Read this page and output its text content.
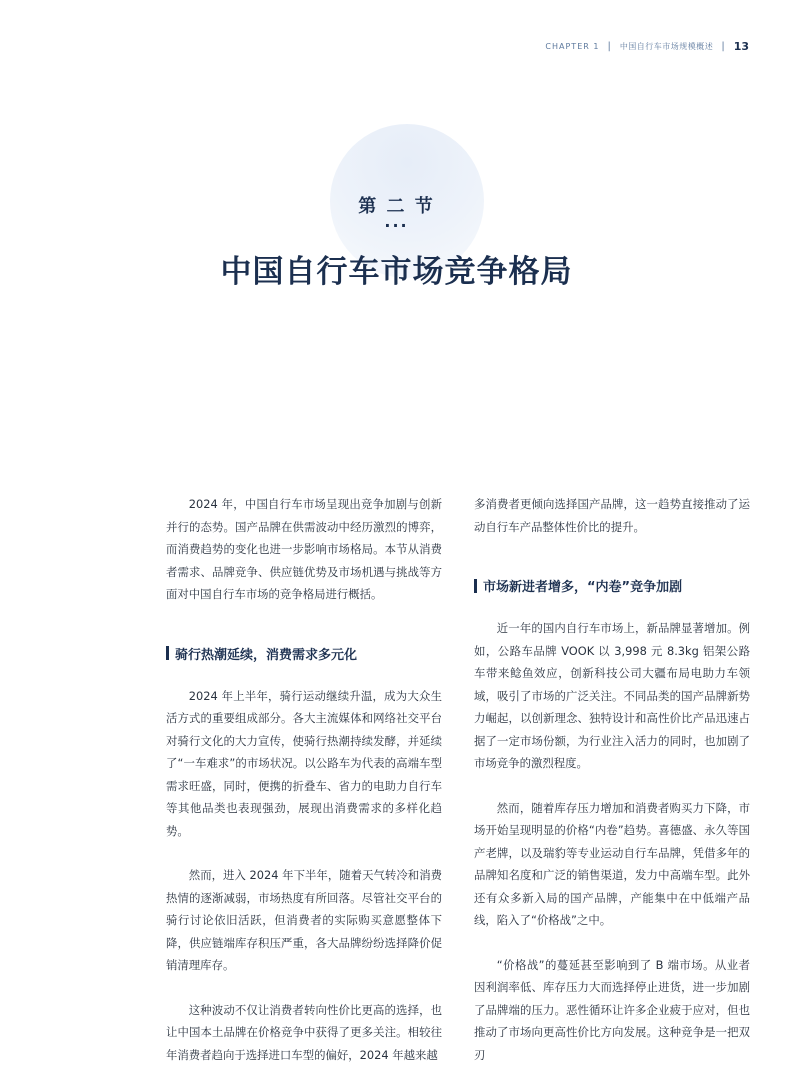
CHAPTER 1 | 中国自行车市场规模概述 | 13
第 二 节
···
中国自行车市场竞争格局

2024 年，中国自行车市场呈现出竞争加剧与创新并行的态势。国产品牌在供需波动中经历激烈的博弈，而消费趋势的变化也进一步影响市场格局。本节从消费者需求、品牌竞争、供应链优势及市场机遇与挑战等方面对中国自行车市场的竞争格局进行概括。

骑行热潮延续，消费需求多元化

2024 年上半年，骑行运动继续升温，成为大众生活方式的重要组成部分。各大主流媒体和网络社交平台对骑行文化的大力宣传，使骑行热潮持续发酵，并延续了“一车难求”的市场状况。以公路车为代表的高端车型需求旺盛，同时，便携的折叠车、省力的电助力自行车等其他品类也表现强劲，展现出消费需求的多样化趋势。

然而，进入 2024 年下半年，随着天气转冷和消费热情的逐渐减弱，市场热度有所回落。尽管社交平台的骑行讨论依旧活跃，但消费者的实际购买意愿整体下降，供应链端库存积压严重，各大品牌纷纷选择降价促销清理库存。

这种波动不仅让消费者转向性价比更高的选择，也让中国本土品牌在价格竞争中获得了更多关注。相较往年消费者趋向于选择进口车型的偏好，2024 年越来越

多消费者更倾向选择国产品牌，这一趋势直接推动了运动自行车产品整体性价比的提升。

市场新进者增多，“内卷”竞争加剧

近一年的国内自行车市场上，新品牌显著增加。例如，公路车品牌 VOOK 以 3,998 元 8.3kg 铝架公路车带来鲶鱼效应，创新科技公司大疆布局电助力车领域，吸引了市场的广泛关注。不同品类的国产品牌新势力崛起，以创新理念、独特设计和高性价比产品迅速占据了一定市场份额，为行业注入活力的同时，也加剧了市场竞争的激烈程度。

然而，随着库存压力增加和消费者购买力下降，市场开始呈现明显的价格“内卷”趋势。喜德盛、永久等国产老牌，以及瑞豹等专业运动自行车品牌，凭借多年的品牌知名度和广泛的销售渠道，发力中高端车型。此外还有众多新入局的国产品牌，产能集中在中低端产品线，陷入了“价格战”之中。

“价格战”的蔓延甚至影响到了 B 端市场。从业者因利润率低、库存压力大而选择停止进货，进一步加剧了品牌端的压力。恶性循环让许多企业疲于应对，但也推动了市场向更高性价比方向发展。这种竞争是一把双刃
